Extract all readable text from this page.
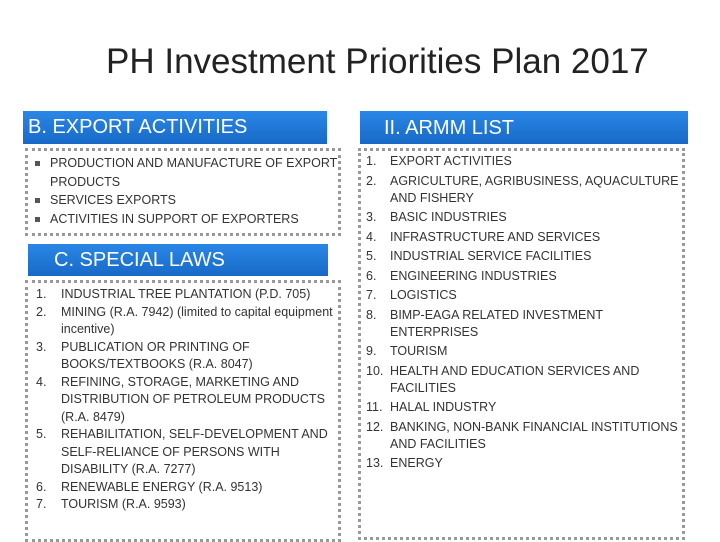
PH Investment Priorities Plan 2017
B. EXPORT ACTIVITIES
PRODUCTION AND MANUFACTURE OF EXPORT PRODUCTS
SERVICES EXPORTS
ACTIVITIES IN SUPPORT OF EXPORTERS
C. SPECIAL LAWS
1. INDUSTRIAL TREE PLANTATION (P.D. 705)
2. MINING (R.A. 7942) (limited to capital equipment incentive)
3. PUBLICATION OR PRINTING OF BOOKS/TEXTBOOKS (R.A. 8047)
4. REFINING, STORAGE, MARKETING AND DISTRIBUTION OF PETROLEUM PRODUCTS (R.A. 8479)
5. REHABILITATION, SELF-DEVELOPMENT AND SELF-RELIANCE OF PERSONS WITH DISABILITY (R.A. 7277)
6. RENEWABLE ENERGY (R.A. 9513)
7. TOURISM (R.A. 9593)
II. ARMM LIST
1. EXPORT ACTIVITIES
2. AGRICULTURE, AGRIBUSINESS, AQUACULTURE AND FISHERY
3. BASIC INDUSTRIES
4. INFRASTRUCTURE AND SERVICES
5. INDUSTRIAL SERVICE FACILITIES
6. ENGINEERING INDUSTRIES
7. LOGISTICS
8. BIMP-EAGA RELATED INVESTMENT ENTERPRISES
9. TOURISM
10. HEALTH AND EDUCATION SERVICES AND FACILITIES
11. HALAL INDUSTRY
12. BANKING, NON-BANK FINANCIAL INSTITUTIONS AND FACILITIES
13. ENERGY
